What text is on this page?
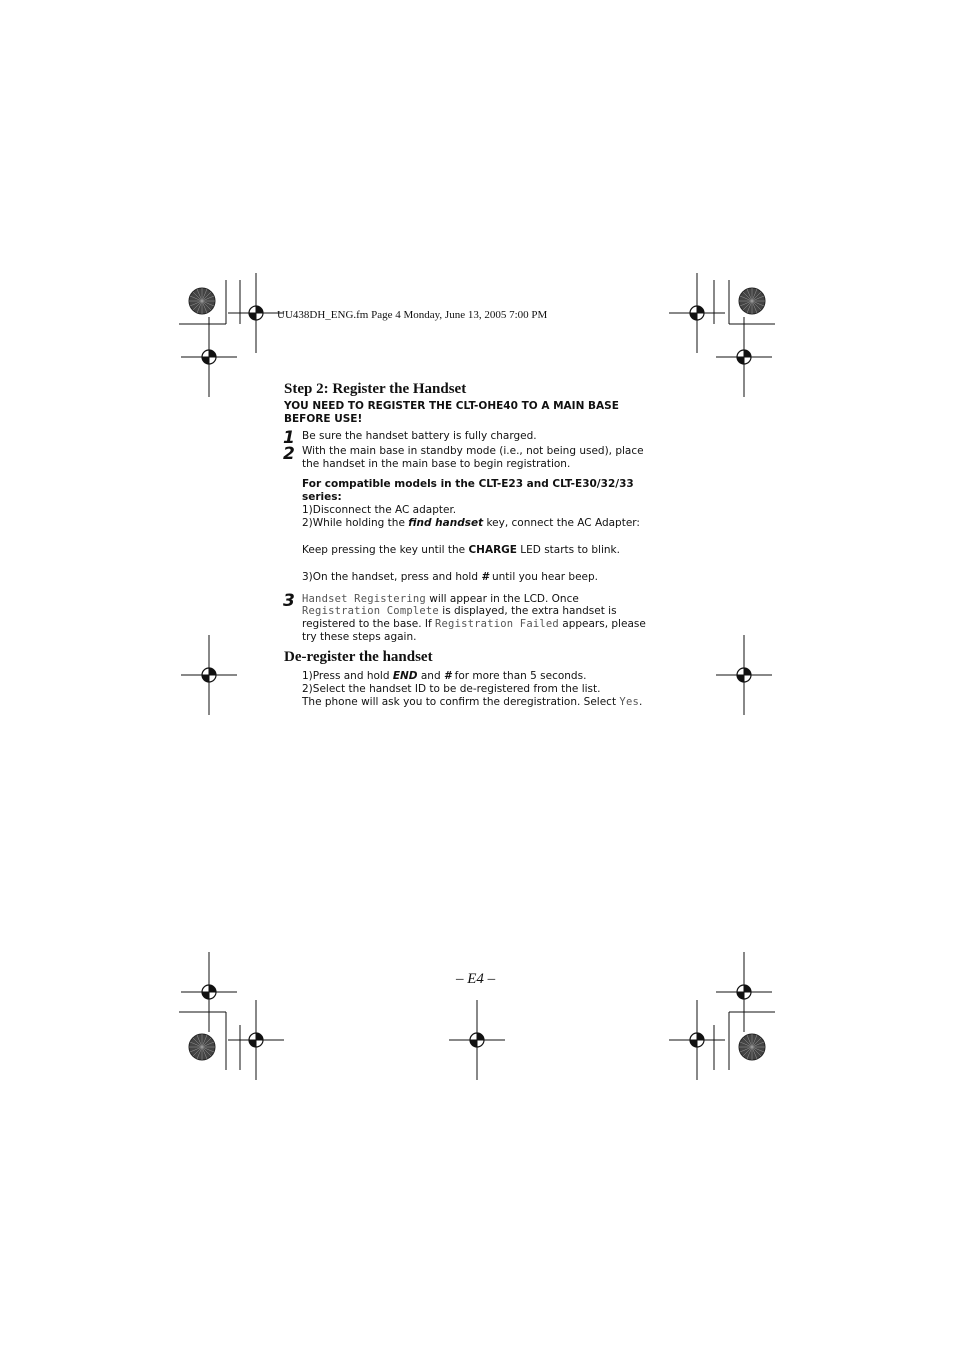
UU438DH_ENG.fm Page 4 Monday, June 13, 2005 7:00 PM
Step 2: Register the Handset
YOU NEED TO REGISTER THE CLT-OHE40 TO A MAIN BASE BEFORE USE!
1 Be sure the handset battery is fully charged.
2 With the main base in standby mode (i.e., not being used), place
the handset in the main base to begin registration.
For compatible models in the CLT-E23 and CLT-E30/32/33
series:
1)Disconnect the AC adapter.
2)While holding the find handset key, connect the AC Adapter:
Keep pressing the key until the CHARGE LED starts to blink.
3)On the handset, press and hold # until you hear beep.
3 Handset Registering will appear in the LCD. Once
Registration Complete is displayed, the extra handset is
registered to the base. If Registration Failed appears, please
try these steps again.
De-register the handset
1)Press and hold END and # for more than 5 seconds.
2)Select the handset ID to be de-registered from the list.
The phone will ask you to confirm the deregistration. Select Yes.
– E4 –
